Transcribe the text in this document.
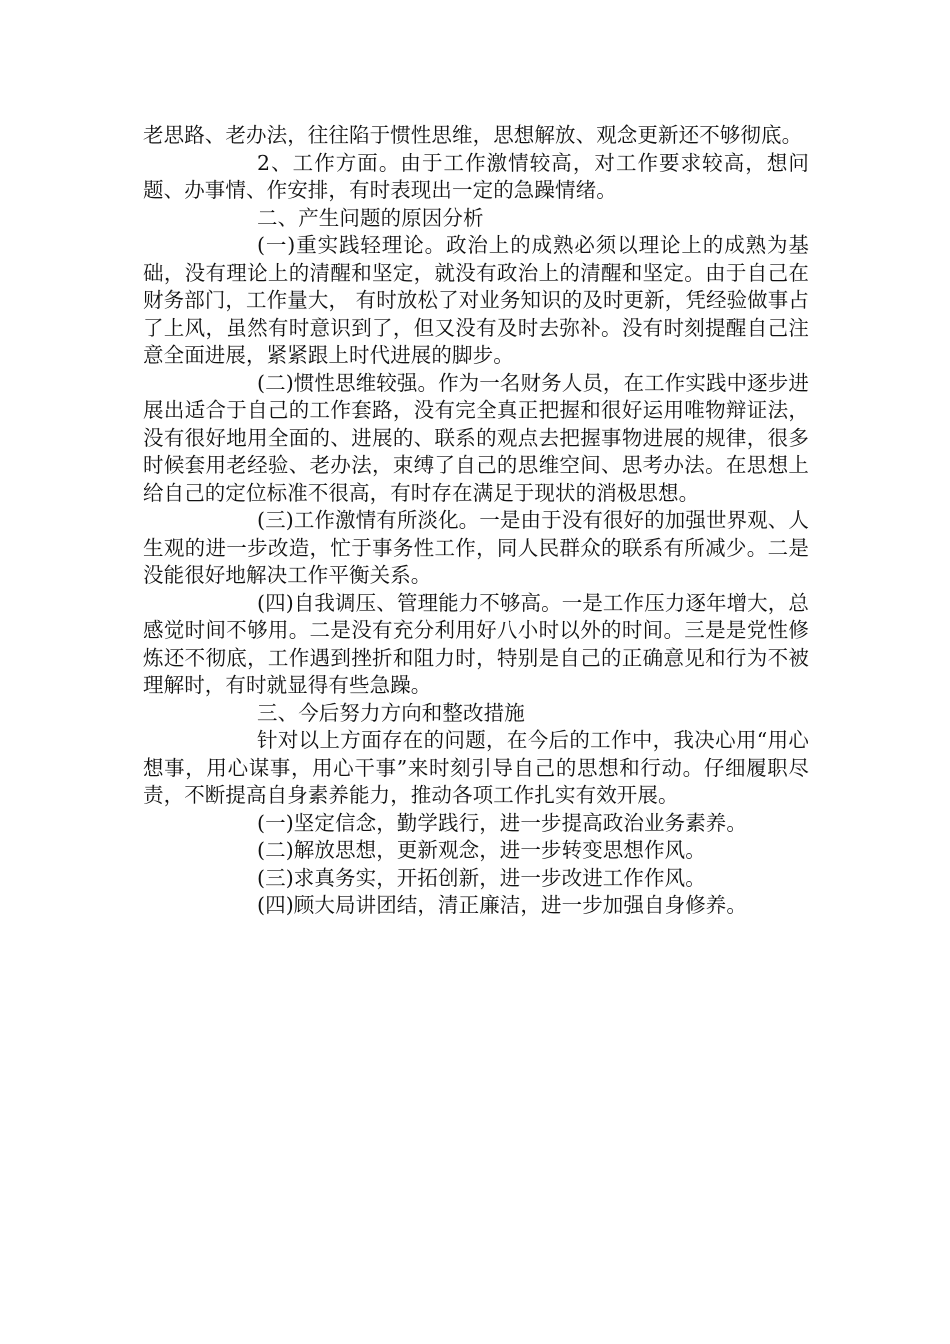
老思路、老办法，往往陷于惯性思维，思想解放、观念更新还不够彻底。

2、工作方面。由于工作激情较高，对工作要求较高，想问题、办事情、作安排，有时表现出一定的急躁情绪。

二、产生问题的原因分析

(一)重实践轻理论。政治上的成熟必须以理论上的成熟为基础，没有理论上的清醒和坚定，就没有政治上的清醒和坚定。由于自己在财务部门，工作量大， 有时放松了对业务知识的及时更新，凭经验做事占了上风，虽然有时意识到了，但又没有及时去弥补。没有时刻提醒自己注意全面进展，紧紧跟上时代进展的脚步。

(二)惯性思维较强。作为一名财务人员，在工作实践中逐步进展出适合于自己的工作套路，没有完全真正把握和很好运用唯物辩证法，没有很好地用全面的、进展的、联系的观点去把握事物进展的规律，很多时候套用老经验、老办法，束缚了自己的思维空间、思考办法。在思想上给自己的定位标准不很高，有时存在满足于现状的消极思想。

(三)工作激情有所淡化。一是由于没有很好的加强世界观、人生观的进一步改造，忙于事务性工作，同人民群众的联系有所减少。二是没能很好地解决工作平衡关系。

(四)自我调压、管理能力不够高。一是工作压力逐年增大，总感觉时间不够用。二是没有充分利用好八小时以外的时间。三是是党性修炼还不彻底，工作遇到挫折和阻力时，特别是自己的正确意见和行为不被理解时，有时就显得有些急躁。

三、今后努力方向和整改措施

针对以上方面存在的问题，在今后的工作中，我决心用“用心想事，用心谋事，用心干事”来时刻引导自己的思想和行动。仔细履职尽责，不断提高自身素养能力，推动各项工作扎实有效开展。

(一)坚定信念，勤学践行，进一步提高政治业务素养。

(二)解放思想，更新观念，进一步转变思想作风。

(三)求真务实，开拓创新，进一步改进工作作风。

(四)顾大局讲团结，清正廉洁，进一步加强自身修养。
